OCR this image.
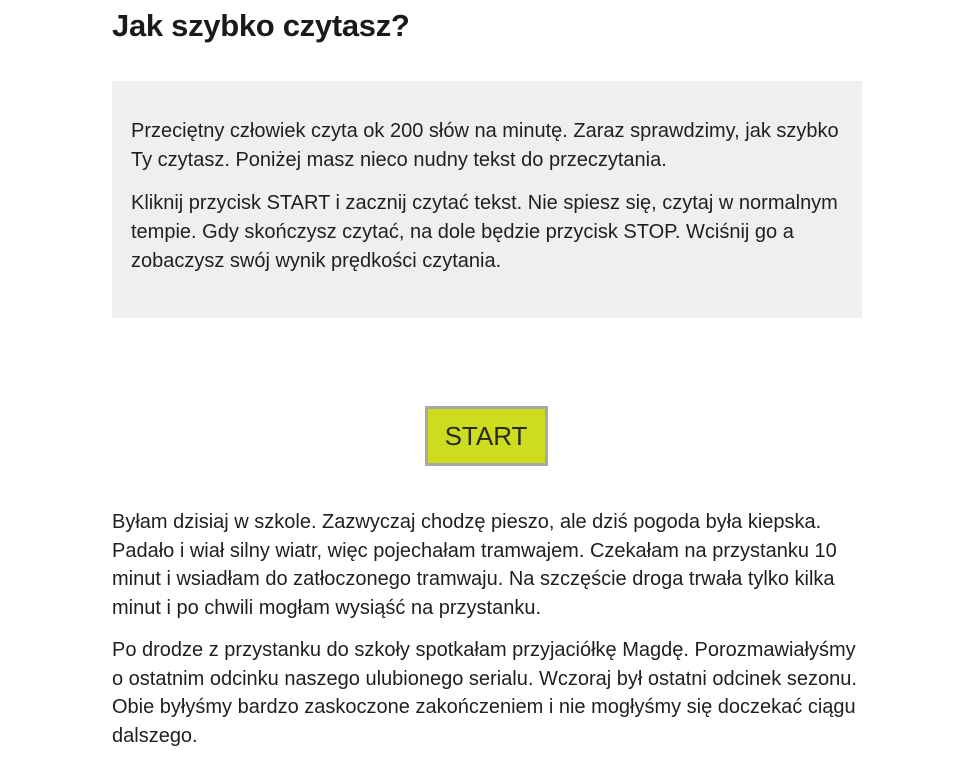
Jak szybko czytasz?

Przeciętny człowiek czyta ok 200 słów na minutę. Zaraz sprawdzimy, jak szybko Ty czytasz. Poniżej masz nieco nudny tekst do przeczytania.

Kliknij przycisk START i zacznij czytać tekst. Nie spiesz się, czytaj w normalnym tempie. Gdy skończysz czytać, na dole będzie przycisk STOP. Wciśnij go a zobaczysz swój wynik prędkości czytania.

START

Byłam dzisiaj w szkole. Zazwyczaj chodzę pieszo, ale dziś pogoda była kiepska. Padało i wiał silny wiatr, więc pojechałam tramwajem. Czekałam na przystanku 10 minut i wsiadłam do zatłoczonego tramwaju. Na szczęście droga trwała tylko kilka minut i po chwili mogłam wysiąść na przystanku.

Po drodze z przystanku do szkoły spotkałam przyjaciółkę Magdę. Porozmawiałyśmy o ostatnim odcinku naszego ulubionego serialu. Wczoraj był ostatni odcinek sezonu. Obie byłyśmy bardzo zaskoczone zakończeniem i nie mogłyśmy się doczekać ciągu dalszego.
